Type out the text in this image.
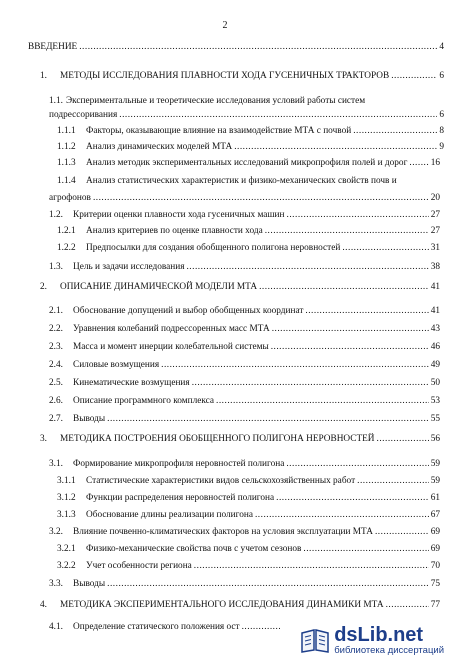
2
ВВЕДЕНИЕ .....	4
1. МЕТОДЫ ИССЛЕДОВАНИЯ ПЛАВНОСТИ ХОДА ГУСЕНИЧНЫХ ТРАКТОРОВ .....	6
1.1. Экспериментальные и теоретические исследования условий работы систем
подрессоривания .....	6
1.1.1 Факторы, оказывающие влияние на взаимодействие МТА с почвой .....	8
1.1.2 Анализ динамических моделей МТА .....	9
1.1.3 Анализ методик экспериментальных исследований микропрофиля полей и дорог .....	16
1.1.4 Анализ статистических характеристик и физико-механических свойств почв и
агрофонов .....	20
1.2. Критерии оценки плавности хода гусеничных машин .....	27
1.2.1 Анализ критериев по оценке плавности хода .....	27
1.2.2 Предпосылки для создания обобщенного полигона неровностей .....	31
1.3. Цель и задачи исследования .....	38
2. ОПИСАНИЕ ДИНАМИЧЕСКОЙ МОДЕЛИ МТА .....	41
2.1. Обоснование допущений и выбор обобщенных координат .....	41
2.2. Уравнения колебаний подрессоренных масс МТА .....	43
2.3. Масса и момент инерции колебательной системы .....	46
2.4. Силовые возмущения .....	49
2.5. Кинематические возмущения .....	50
2.6. Описание программного комплекса .....	53
2.7. Выводы .....	55
3. МЕТОДИКА ПОСТРОЕНИЯ ОБОБЩЕННОГО ПОЛИГОНА НЕРОВНОСТЕЙ .....	56
3.1. Формирование микропрофиля неровностей полигона .....	59
3.1.1 Статистические характеристики видов сельскохозяйственных работ .....	59
3.1.2 Функции распределения неровностей полигона .....	61
3.1.3 Обоснование длины реализации полигона .....	67
3.2. Влияние почвенно-климатических факторов на условия эксплуатации МТА .....	69
3.2.1 Физико-механические свойства почв с учетом сезонов .....	69
3.2.2 Учет особенности региона .....	70
3.3. Выводы .....	75
4. МЕТОДИКА ЭКСПЕРИМЕНТАЛЬНОГО ИССЛЕДОВАНИЯ ДИНАМИКИ МТА .....	77
4.1. Определение статического положения ост .....	dsLib.net
библиотека диссертаций
